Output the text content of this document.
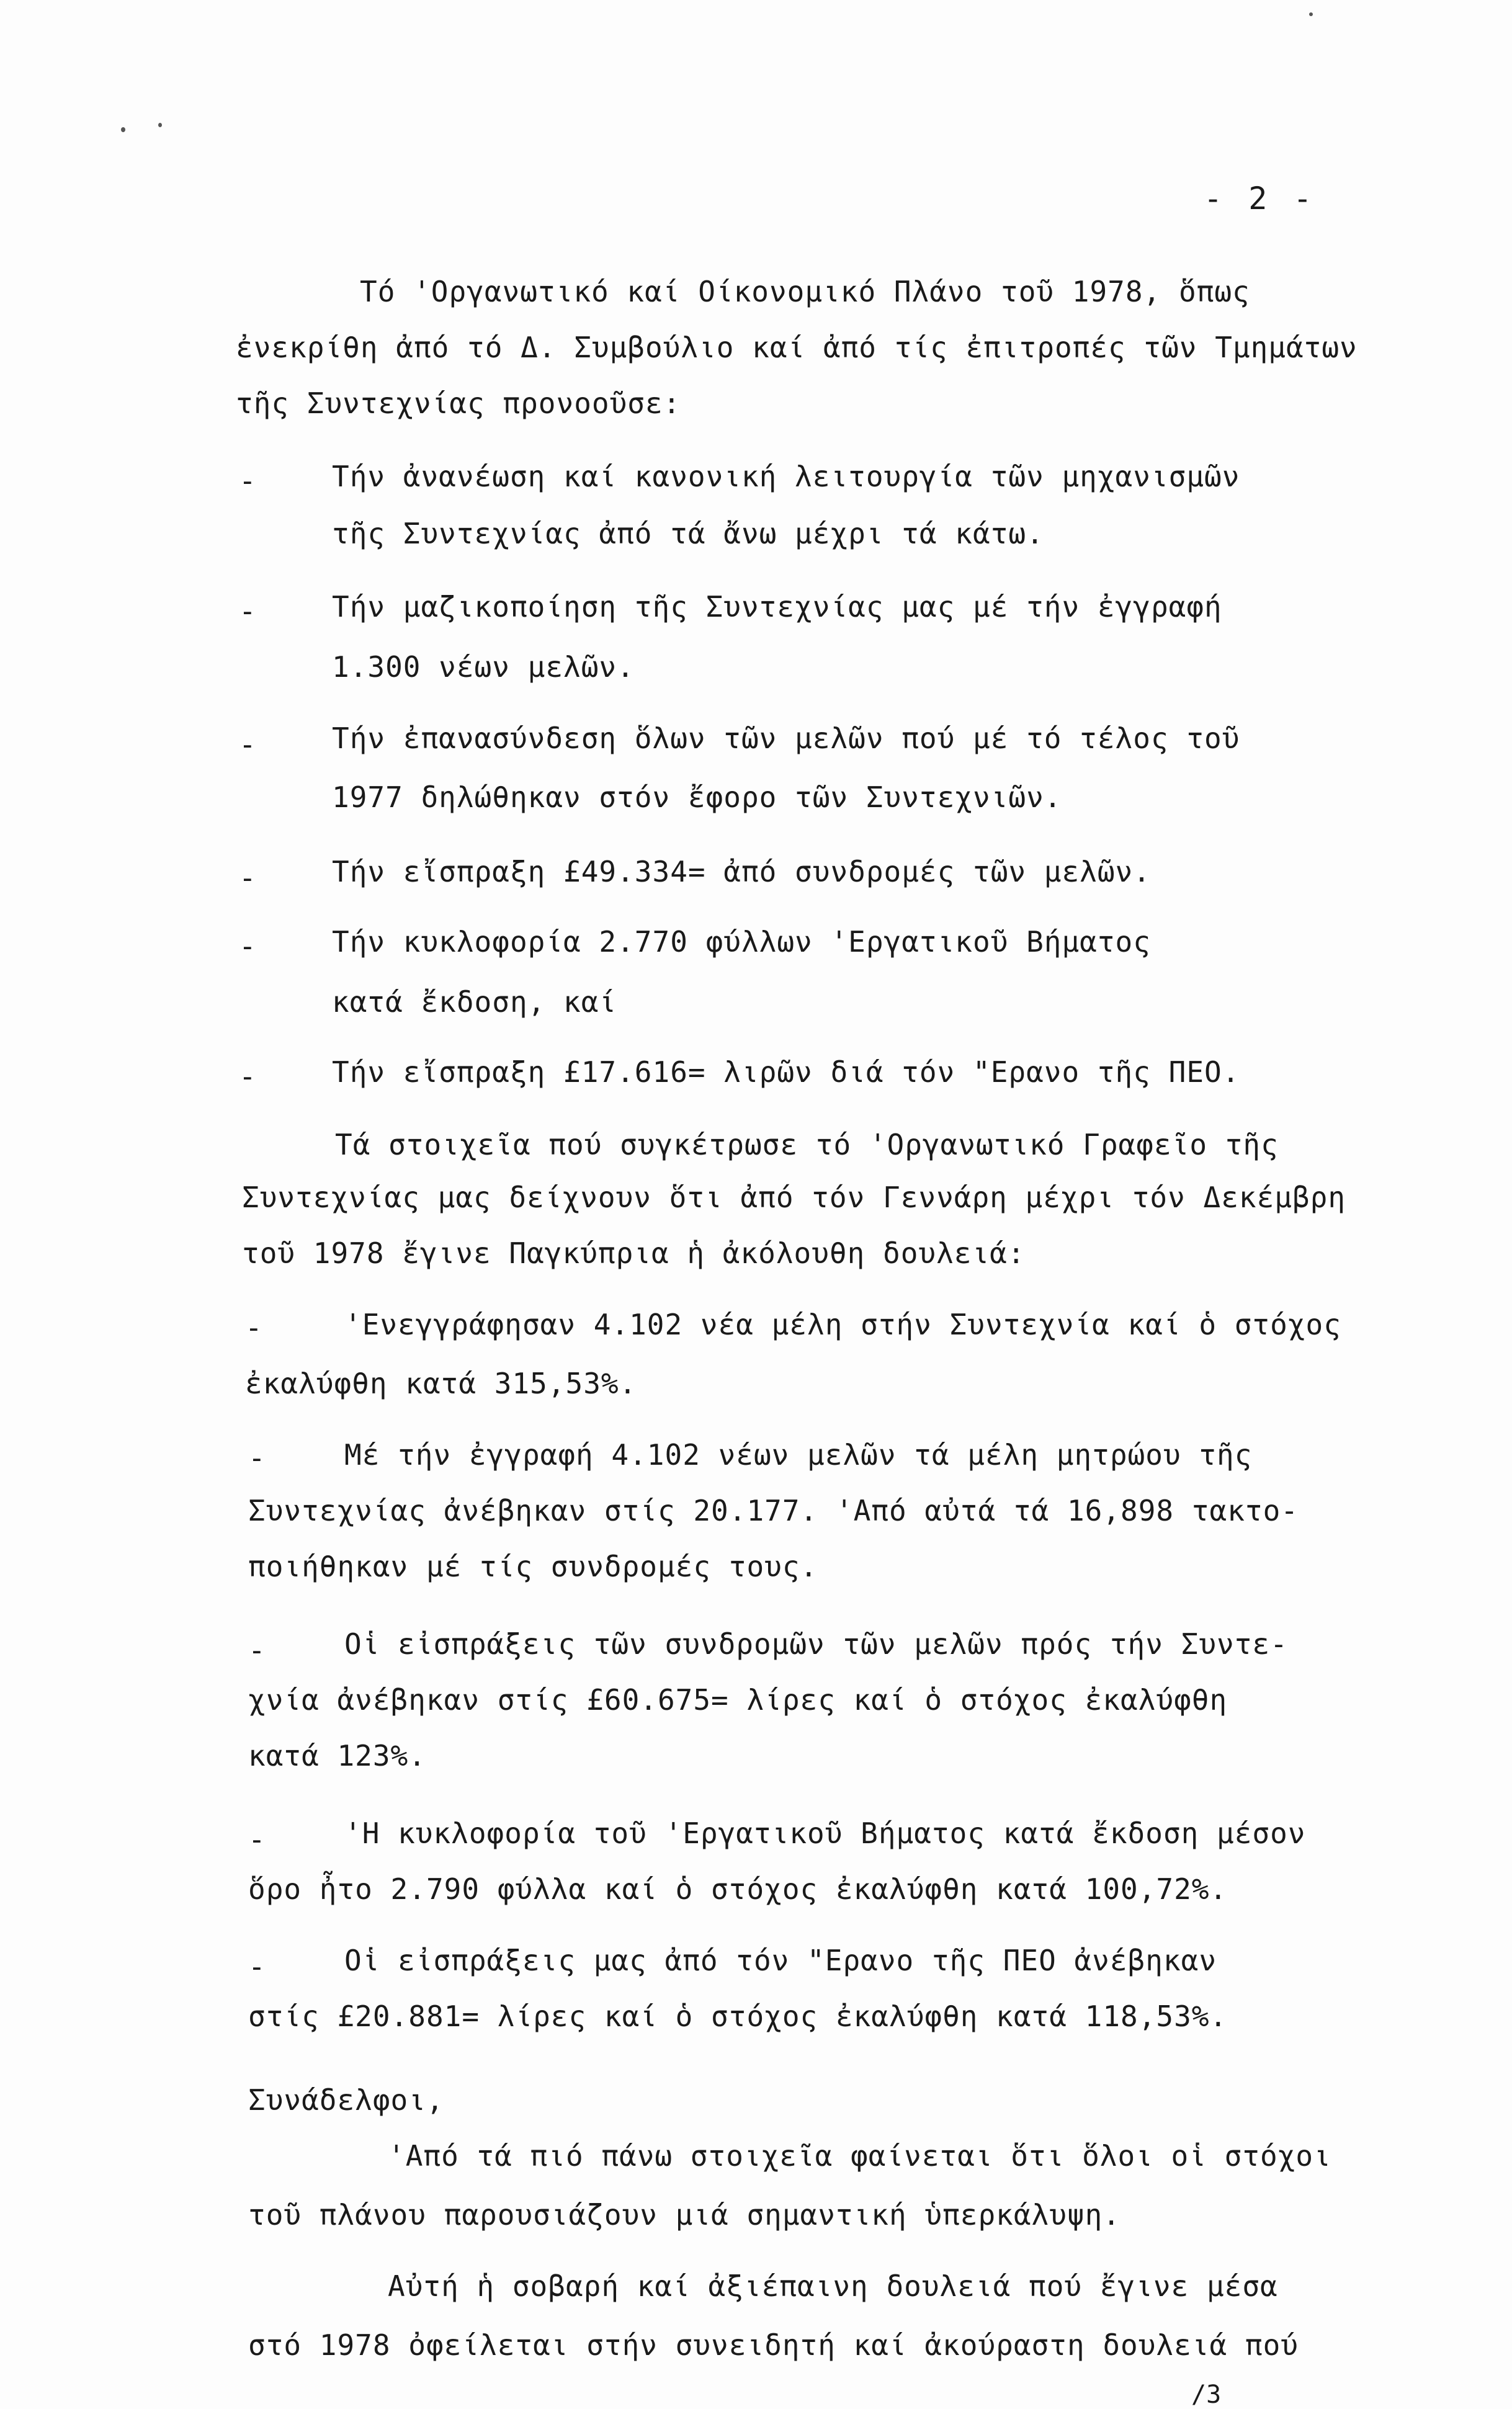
- 2 -
Τό 'Οργανωτικό καί Οίκονομικό Πλάνο τοῦ 1978, ὅπως
ἐνεκρίθη ἀπό τό Δ. Συμβούλιο καί ἀπό τίς ἐπιτροπές τῶν Τμημάτων
τῆς Συντεχνίας προνοοῦσε:
-	Τήν ἀνανέωση καί κανονική λειτουργία τῶν μηχανισμῶν
τῆς Συντεχνίας ἀπό τά ἄνω μέχρι τά κάτω.
-	Τήν μαζικοποίηση τῆς Συντεχνίας μας μέ τήν ἐγγραφή
1.300 νέων μελῶν.
-	Τήν ἐπανασύνδεση ὅλων τῶν μελῶν πού μέ τό τέλος τοῦ
1977 δηλώθηκαν στόν ἔφορο τῶν Συντεχνιῶν.
-	Τήν εἴσπραξη £49.334= ἀπό συνδρομές τῶν μελῶν.
-	Τήν κυκλοφορία 2.770 φύλλων 'Εργατικοῦ Βήματος
κατά ἔκδοση, καί
-	Τήν εἴσπραξη £17.616= λιρῶν διά τόν "Ερανο τῆς ΠΕΟ.
Τά στοιχεῖα πού συγκέτρωσε τό 'Οργανωτικό Γραφεῖο τῆς
Συντεχνίας μας δείχνουν ὅτι ἀπό τόν Γεννάρη μέχρι τόν Δεκέμβρη
τοῦ 1978 ἔγινε Παγκύπρια ἡ ἀκόλουθη δουλειά:
-	'Ενεγγράφησαν 4.102 νέα μέλη στήν Συντεχνία καί ὁ στόχος
ἐκαλύφθη κατά 315,53%.
-	Μέ τήν ἐγγραφή 4.102 νέων μελῶν τά μέλη μητρώου τῆς
Συντεχνίας ἀνέβηκαν στίς 20.177. 'Από αὐτά τά 16,898 τακτο-
ποιήθηκαν μέ τίς συνδρομές τους.
-	Οἱ εἰσπράξεις τῶν συνδρομῶν τῶν μελῶν πρός τήν Συντε-
χνία ἀνέβηκαν στίς £60.675= λίρες καί ὁ στόχος ἐκαλύφθη
κατά 123%.
-	'Η κυκλοφορία τοῦ 'Εργατικοῦ Βήματος κατά ἔκδοση μέσον
ὅρο ἦτο 2.790 φύλλα καί ὁ στόχος ἐκαλύφθη κατά 100,72%.
-	Οἱ εἰσπράξεις μας ἀπό τόν "Ερανο τῆς ΠΕΟ ἀνέβηκαν
στίς £20.881= λίρες καί ὁ στόχος ἐκαλύφθη κατά 118,53%.
Συνάδελφοι,
'Από τά πιό πάνω στοιχεῖα φαίνεται ὅτι ὅλοι οἱ στόχοι
τοῦ πλάνου παρουσιάζουν μιά σημαντική ὑπερκάλυψη.
Αὐτή ἡ σοβαρή καί ἀξιέπαινη δουλειά πού ἔγινε μέσα
στό 1978 ὀφείλεται στήν συνειδητή καί ἀκούραστη δουλειά πού
/3
